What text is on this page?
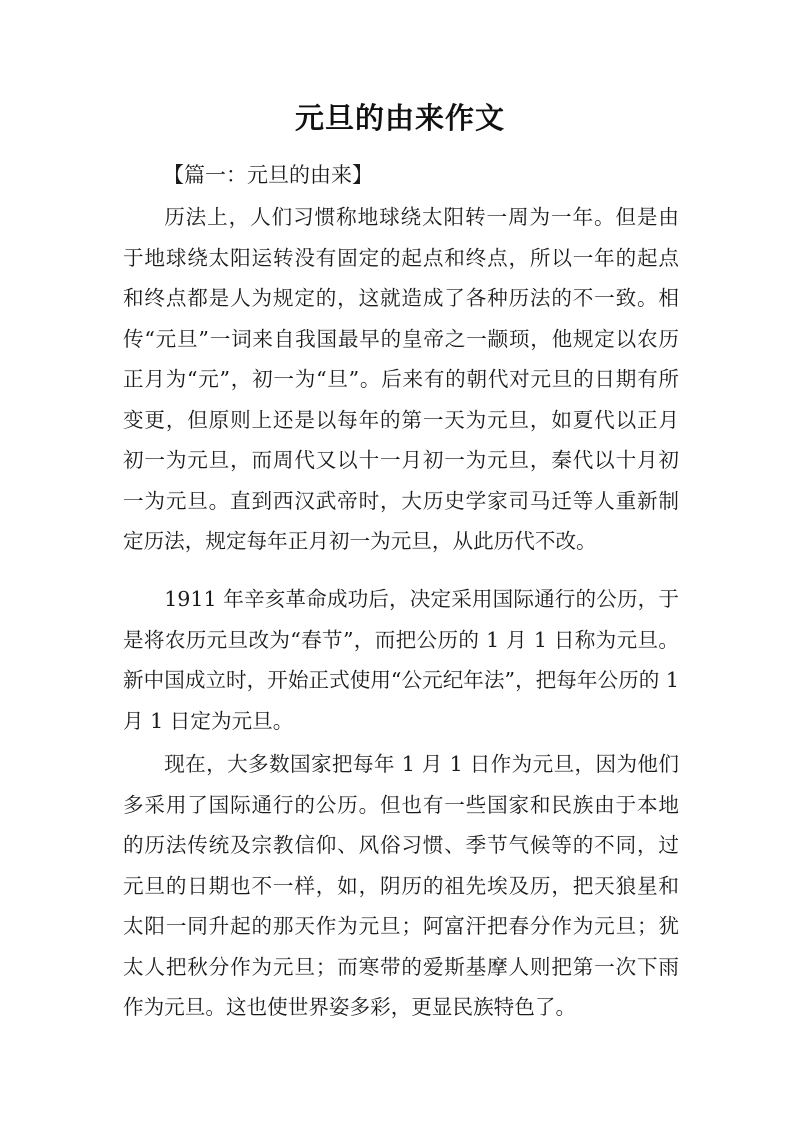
元旦的由来作文
【篇一：元旦的由来】

历法上，人们习惯称地球绕太阳转一周为一年。但是由于地球绕太阳运转没有固定的起点和终点，所以一年的起点和终点都是人为规定的，这就造成了各种历法的不一致。相传“元旦”一词来自我国最早的皇帝之一颛顼，他规定以农历正月为“元”，初一为“旦”。后来有的朝代对元旦的日期有所变更，但原则上还是以每年的第一天为元旦，如夏代以正月初一为元旦，而周代又以十一月初一为元旦，秦代以十月初一为元旦。直到西汉武帝时，大历史学家司马迁等人重新制定历法，规定每年正月初一为元旦，从此历代不改。

1911 年辛亥革命成功后，决定采用国际通行的公历，于是将农历元旦改为“春节”，而把公历的 1 月 1 日称为元旦。新中国成立时，开始正式使用“公元纪年法”，把每年公历的 1 月 1 日定为元旦。

现在，大多数国家把每年 1 月 1 日作为元旦，因为他们多采用了国际通行的公历。但也有一些国家和民族由于本地的历法传统及宗教信仰、风俗习惯、季节气候等的不同，过元旦的日期也不一样，如，阴历的祖先埃及历，把天狼星和太阳一同升起的那天作为元旦；阿富汗把春分作为元旦；犹太人把秋分作为元旦；而寒带的爱斯基摩人则把第一次下雨作为元旦。这也使世界姿多彩，更显民族特色了。
